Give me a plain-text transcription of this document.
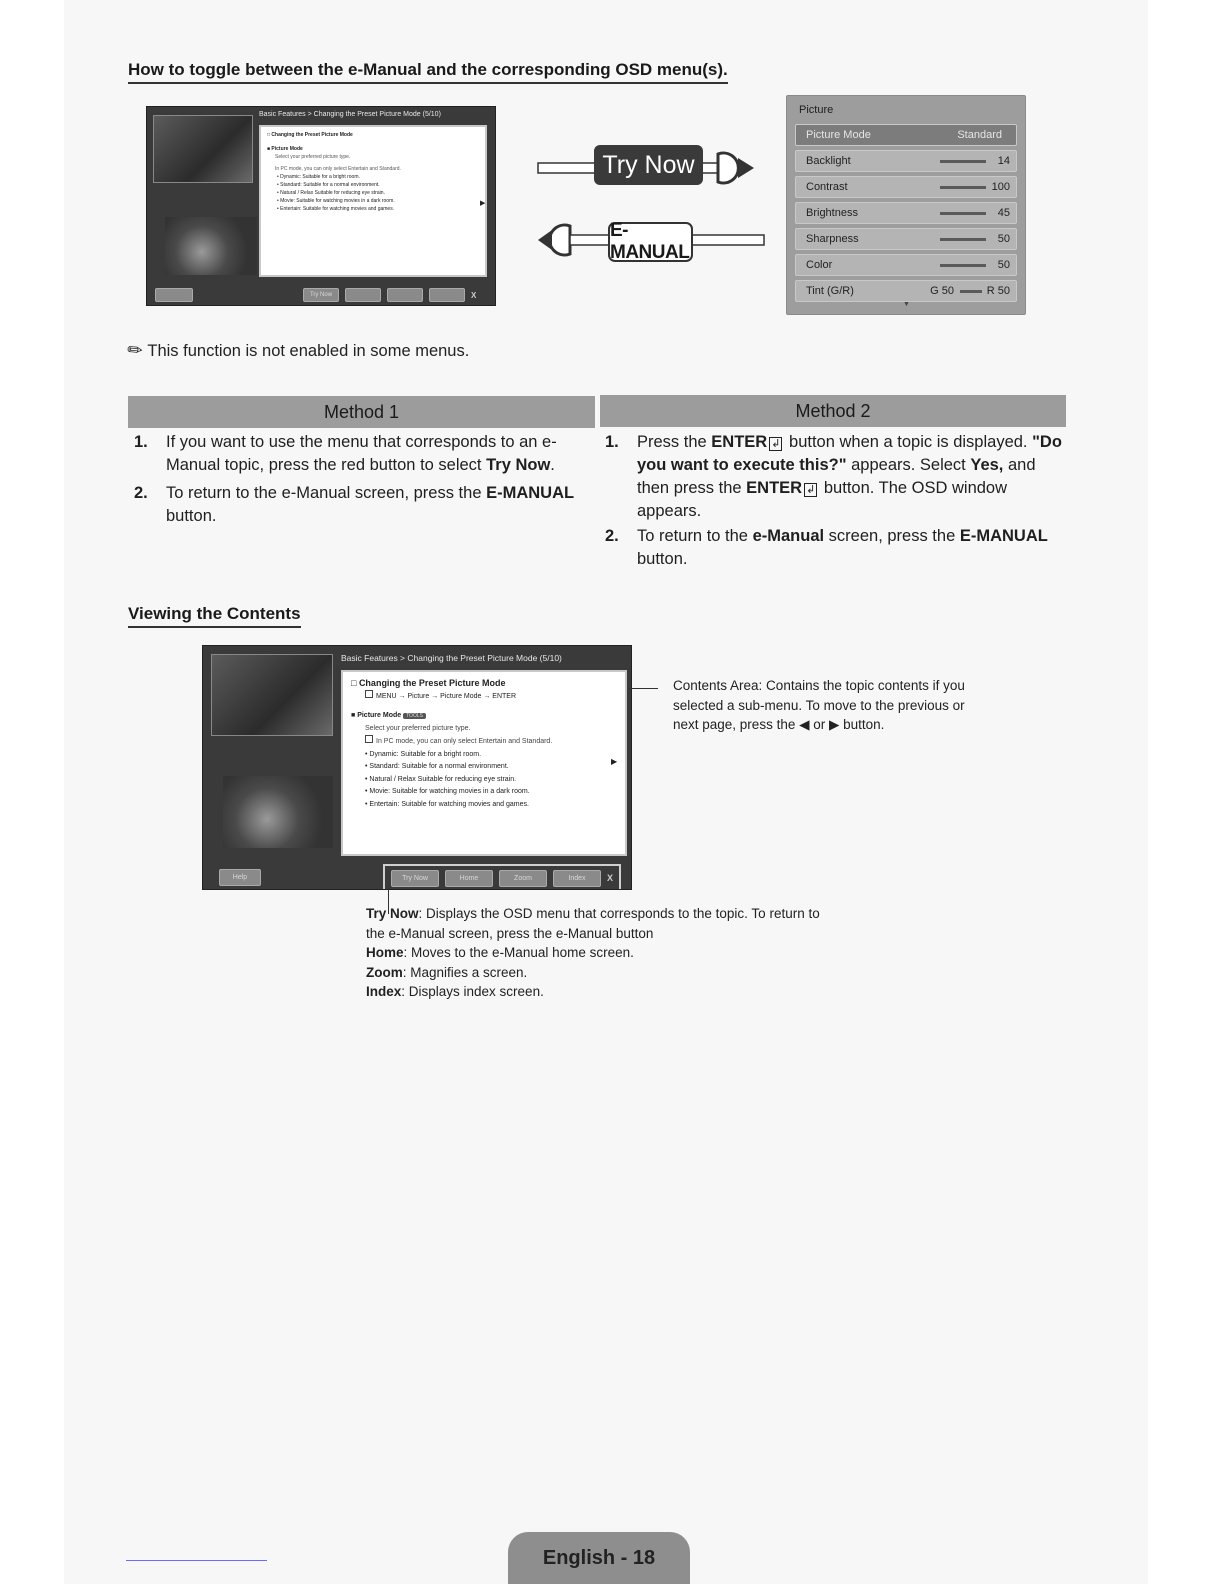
How to toggle between the e-Manual and the corresponding OSD menu(s).
Basic Features > Changing the Preset Picture Mode (5/10)
□ Changing the Preset Picture Mode
■ Picture Mode
Select your preferred picture type.
In PC mode, you can only select Entertain and Standard.
• Dynamic: Suitable for a bright room.
• Standard: Suitable for a normal environment.
• Natural / Relax Suitable for reducing eye strain.
• Movie: Suitable for watching movies in a dark room.
• Entertain: Suitable for watching movies and games.
▶
Try Now	X
Try Now
E-MANUAL
Picture
Picture Mode	Standard
Backlight	14
Contrast	100
Brightness	45
Sharpness	50
Color	50
Tint (G/R)	G 50	R 50
▼
✎ This function is not enabled in some menus.
Method 1	Method 2
1. If you want to use the menu that corresponds to an e-Manual topic, press the red button to select Try Now.
2. To return to the e-Manual screen, press the E-MANUAL button.
1. Press the ENTER ↲ button when a topic is displayed. "Do you want to execute this?" appears. Select Yes, and then press the ENTER ↲ button. The OSD window appears.
2. To return to the e-Manual screen, press the E-MANUAL button.
Viewing the Contents
Basic Features > Changing the Preset Picture Mode (5/10)
□ Changing the Preset Picture Mode
MENU → Picture → Picture Mode → ENTER
■ Picture Mode TOOLS
Select your preferred picture type.
In PC mode, you can only select Entertain and Standard.
• Dynamic: Suitable for a bright room.
• Standard: Suitable for a normal environment.
• Natural / Relax Suitable for reducing eye strain.
• Movie: Suitable for watching movies in a dark room.
• Entertain: Suitable for watching movies and games.
▶
Help	Try Now	Home	Zoom	Index	X
Contents Area: Contains the topic contents if you selected a sub-menu. To move to the previous or next page, press the ◀ or ▶ button.
Try Now: Displays the OSD menu that corresponds to the topic. To return to the e-Manual screen, press the e-Manual button
Home: Moves to the e-Manual home screen.
Zoom: Magnifies a screen.
Index: Displays index screen.
English - 18
